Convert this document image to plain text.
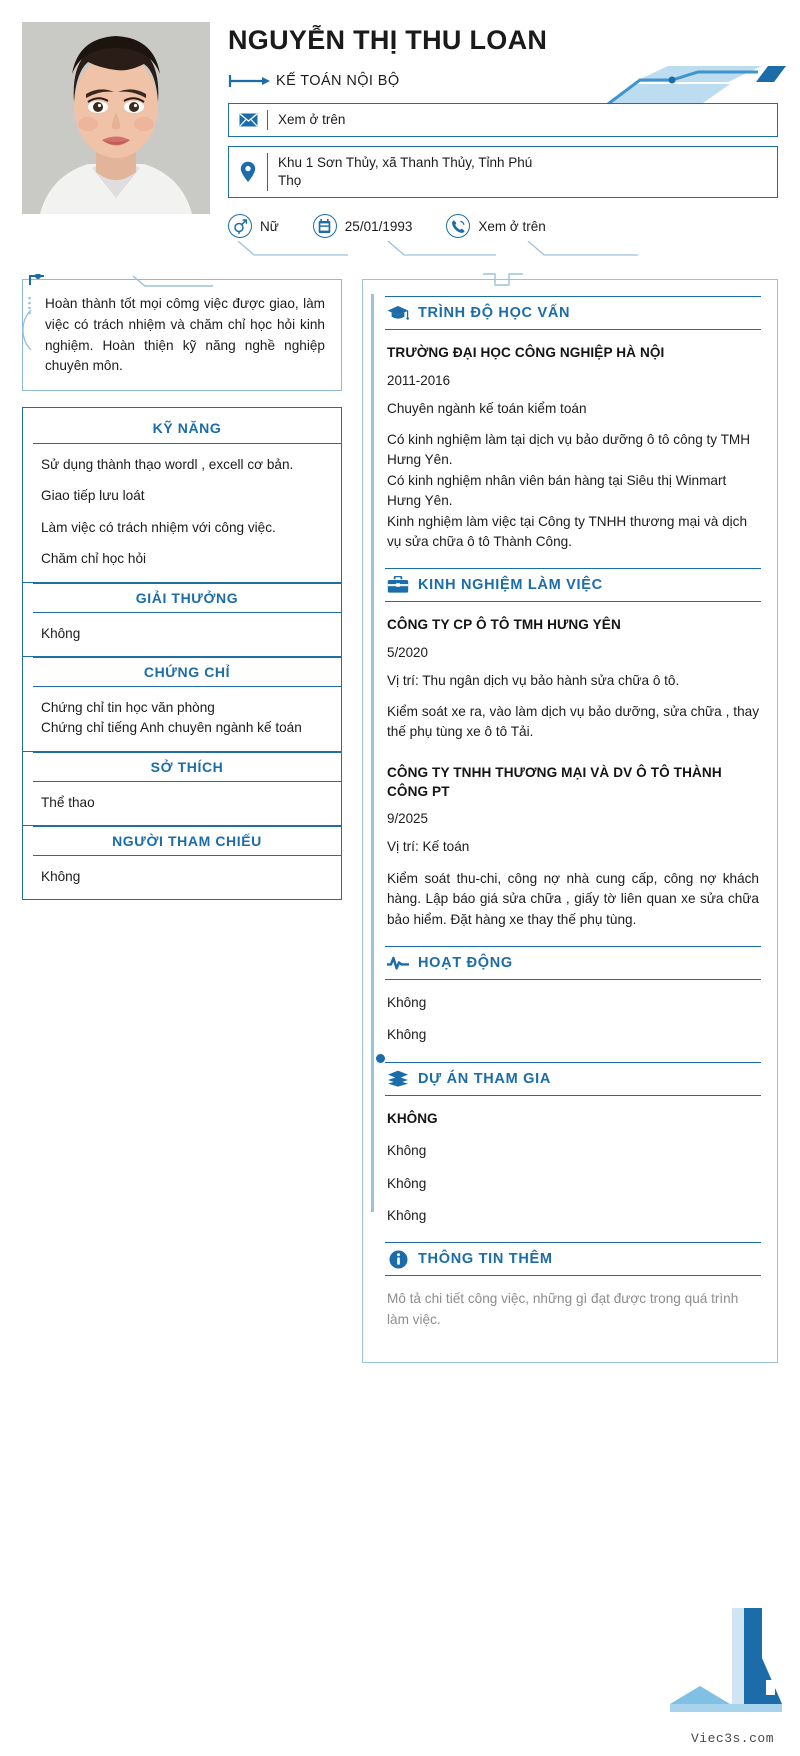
NGUYỄN THỊ THU LOAN
KẾ TOÁN NỘI BỘ
Xem ở trên
Khu 1 Sơn Thủy, xã Thanh Thủy, Tỉnh Phú Thọ
Nữ	25/01/1993	Xem ở trên
Hoàn thành tốt mọi cômg việc được giao, làm việc có trách nhiệm và chăm chỉ học hỏi kinh nghiệm. Hoàn thiện kỹ năng nghề nghiệp chuyên môn.
KỸ NĂNG
Sử dụng thành thạo wordl , excell cơ bản.
Giao tiếp lưu loát
Làm việc có trách nhiệm với công việc.
Chăm chỉ học hỏi
GIẢI THƯỞNG
Không
CHỨNG CHỈ
Chứng chỉ tin học văn phòng
Chứng chỉ tiếng Anh chuyên ngành kế toán
SỞ THÍCH
Thể thao
NGƯỜI THAM CHIẾU
Không
TRÌNH ĐỘ HỌC VẤN
TRƯỜNG ĐẠI HỌC CÔNG NGHIỆP HÀ NỘI
2011-2016
Chuyên ngành kế toán kiểm toán
Có kinh nghiệm làm tại dịch vụ bảo dưỡng ô tô công ty TMH Hưng Yên.
Có kinh nghiệm nhân viên bán hàng tại Siêu thị Winmart Hưng Yên.
Kinh nghiệm làm việc tại Công ty TNHH thương mại và dịch vụ sửa chữa ô tô Thành Công.
KINH NGHIỆM LÀM VIỆC
CÔNG TY CP Ô TÔ TMH HƯNG YÊN
5/2020
Vị trí: Thu ngân dịch vụ bảo hành sửa chữa ô tô.
Kiểm soát xe ra, vào làm dịch vụ bảo dưỡng, sửa chữa , thay thế phụ tùng xe ô tô Tải.
CÔNG TY TNHH THƯƠNG MẠI VÀ DV Ô TÔ THÀNH CÔNG PT
9/2025
Vị trí: Kế toán
Kiểm soát thu-chi, công nợ nhà cung cấp, công nợ khách hàng. Lập báo giá sửa chữa , giấy tờ liên quan xe sửa chữa bảo hiểm. Đặt hàng xe thay thế phụ tùng.
HOẠT ĐỘNG
Không
Không
DỰ ÁN THAM GIA
KHÔNG
Không
Không
Không
THÔNG TIN THÊM
Mô tả chi tiết công việc, những gì đạt được trong quá trình làm việc.
Viec3s.com
